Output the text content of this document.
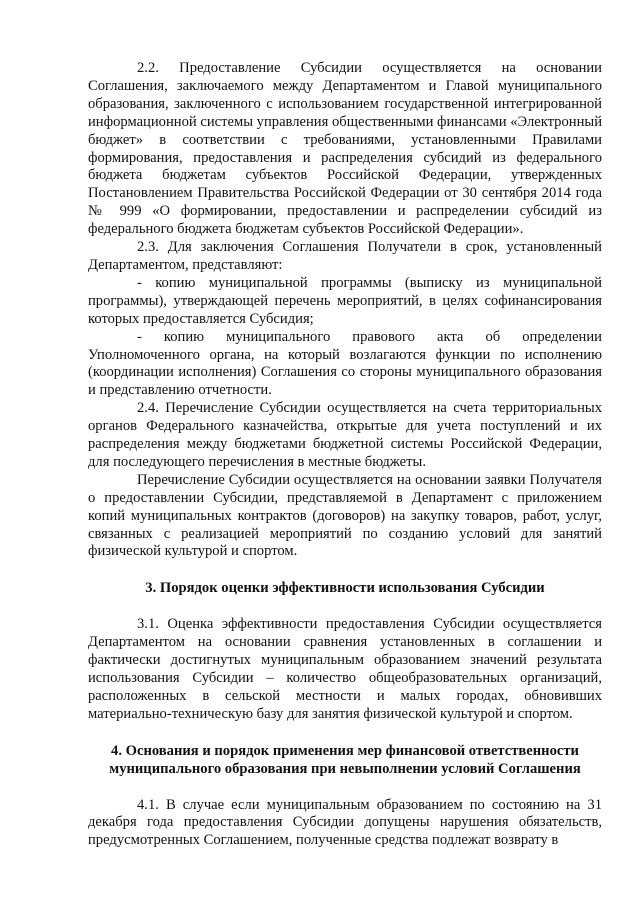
2.2. Предоставление Субсидии осуществляется на основании Соглашения, заключаемого между Департаментом и Главой муниципального образования, заключенного с использованием государственной интегрированной информационной системы управления общественными финансами «Электронный бюджет» в соответствии с требованиями, установленными Правилами формирования, предоставления и распределения субсидий из федерального бюджета бюджетам субъектов Российской Федерации, утвержденных Постановлением Правительства Российской Федерации от 30 сентября 2014 года № 999 «О формировании, предоставлении и распределении субсидий из федерального бюджета бюджетам субъектов Российской Федерации».

2.3. Для заключения Соглашения Получатели в срок, установленный Департаментом, представляют:

- копию муниципальной программы (выписку из муниципальной программы), утверждающей перечень мероприятий, в целях софинансирования которых предоставляется Субсидия;

- копию муниципального правового акта об определении Уполномоченного органа, на который возлагаются функции по исполнению (координации исполнения) Соглашения со стороны муниципального образования и представлению отчетности.

2.4. Перечисление Субсидии осуществляется на счета территориальных органов Федерального казначейства, открытые для учета поступлений и их распределения между бюджетами бюджетной системы Российской Федерации, для последующего перечисления в местные бюджеты.

Перечисление Субсидии осуществляется на основании заявки Получателя о предоставлении Субсидии, представляемой в Департамент с приложением копий муниципальных контрактов (договоров) на закупку товаров, работ, услуг, связанных с реализацией мероприятий по созданию условий для занятий физической культурой и спортом.

3. Порядок оценки эффективности использования Субсидии

3.1. Оценка эффективности предоставления Субсидии осуществляется Департаментом на основании сравнения установленных в соглашении и фактически достигнутых муниципальным образованием значений результата использования Субсидии – количество общеобразовательных организаций, расположенных в сельской местности и малых городах, обновивших материально-техническую базу для занятия физической культурой и спортом.

4. Основания и порядок применения мер финансовой ответственности муниципального образования при невыполнении условий Соглашения

4.1. В случае если муниципальным образованием по состоянию на 31 декабря года предоставления Субсидии допущены нарушения обязательств, предусмотренных Соглашением, полученные средства подлежат возврату в
